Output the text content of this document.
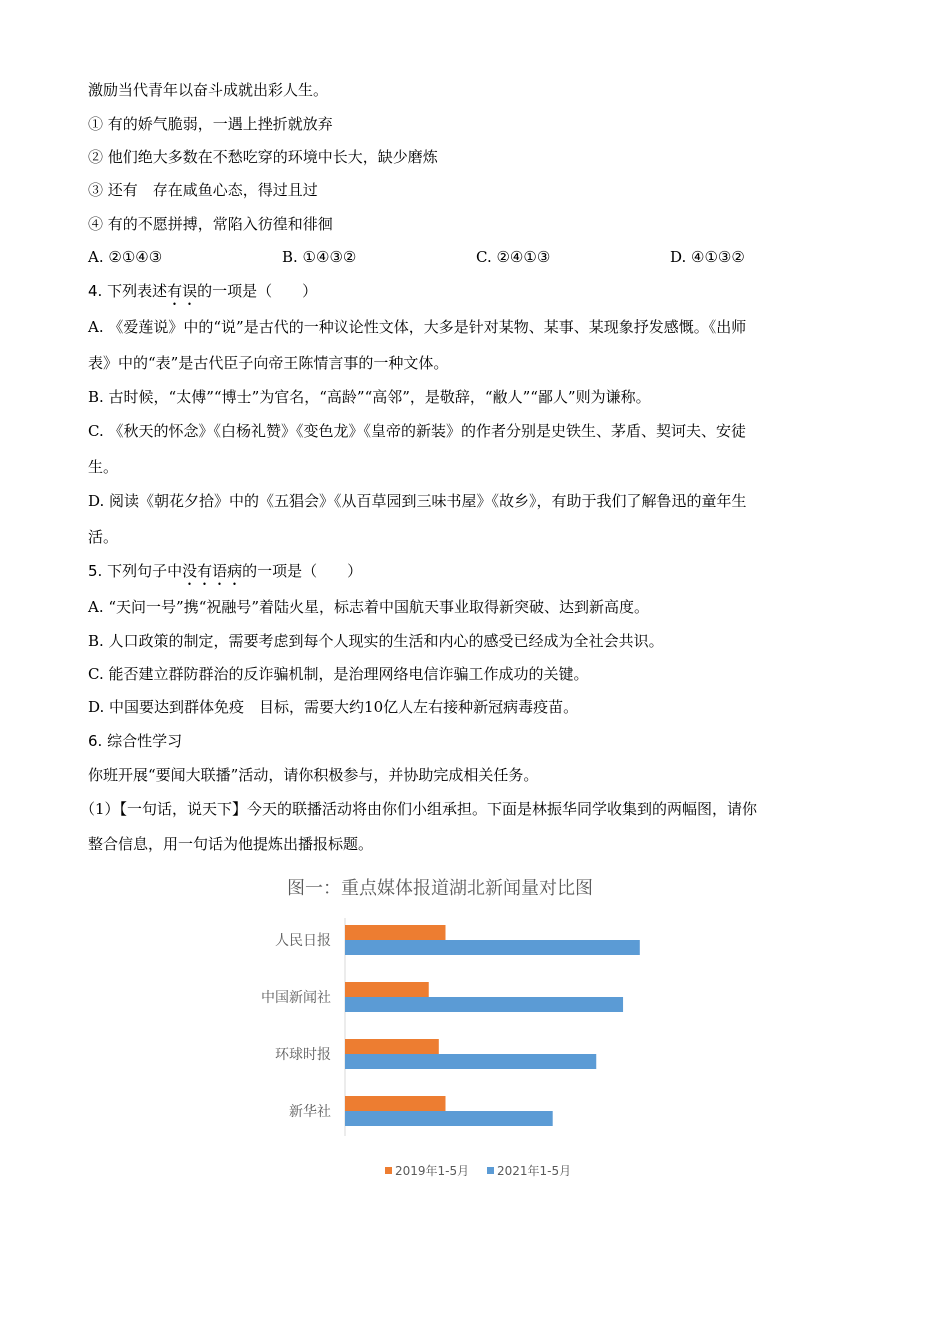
激励当代青年以奋斗成就出彩人生。
① 有的娇气脆弱，一遇上挫折就放弃
② 他们绝大多数在不愁吃穿的环境中长大，缺少磨炼
③ 还有　存在咸鱼心态，得过且过
④ 有的不愿拼搏，常陷入彷徨和徘徊
A. ②①④③	B. ①④③②	C. ②④①③	D. ④①③②
4. 下列表述有误的一项是（　　）
A. 《爱莲说》中的“说”是古代的一种议论性文体，大多是针对某物、某事、某现象抒发感慨。《出师
表》中的“表”是古代臣子向帝王陈情言事的一种文体。
B. 古时候，“太傅”“博士”为官名，“高龄”“高邻”，是敬辞，“敝人”“鄙人”则为谦称。
C. 《秋天的怀念》《白杨礼赞》《变色龙》《皇帝的新装》的作者分别是史铁生、茅盾、契诃夫、安徒
生。
D. 阅读《朝花夕拾》中的《五猖会》《从百草园到三味书屋》《故乡》，有助于我们了解鲁迅的童年生
活。
5. 下列句子中没有语病的一项是（　　）
A. “天问一号”携“祝融号”着陆火星，标志着中国航天事业取得新突破、达到新高度。
B. 人口政策的制定，需要考虑到每个人现实的生活和内心的感受已经成为全社会共识。
C. 能否建立群防群治的反诈骗机制，是治理网络电信诈骗工作成功的关键。
D. 中国要达到群体免疫　目标，需要大约10亿人左右接种新冠病毒疫苗。
6. 综合性学习
你班开展“要闻大联播”活动，请你积极参与，并协助完成相关任务。
（1）【一句话，说天下】今天的联播活动将由你们小组承担。下面是林振华同学收集到的两幅图，请你
整合信息，用一句话为他提炼出播报标题。
图一：重点媒体报道湖北新闻量对比图
人民日报
中国新闻社
环球时报
新华社
2019年1-5月 2021年1-5月
